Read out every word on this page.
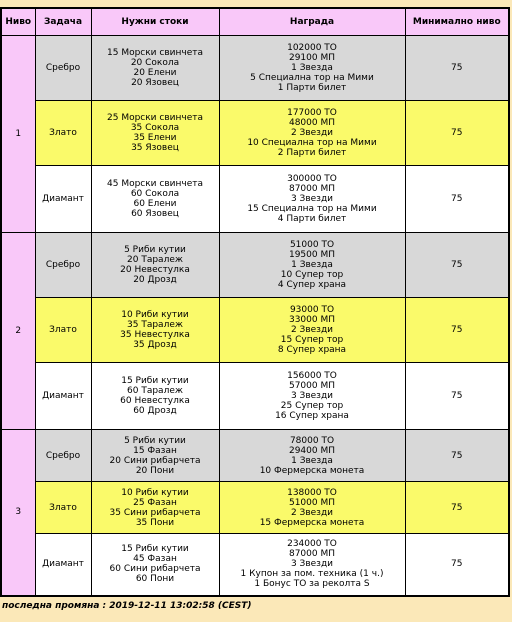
Ниво	Задача	Нужни стоки	Награда	Минимално ниво
1	Сребро	15 Морски свинчета
20 Сокола
20 Елени
20 Язовец	102000 ТО
29100 МП
1 Звезда
5 Специална тор на Мими
1 Парти билет	75
	Злато	25 Морски свинчета
35 Сокола
35 Елени
35 Язовец	177000 ТО
48000 МП
2 Звезди
10 Специална тор на Мими
2 Парти билет	75
	Диамант	45 Морски свинчета
60 Сокола
60 Елени
60 Язовец	300000 ТО
87000 МП
3 Звезди
15 Специална тор на Мими
4 Парти билет	75
2	Сребро	5 Риби кутии
20 Таралеж
20 Невестулка
20 Дрозд	51000 ТО
19500 МП
1 Звезда
10 Супер тор
4 Супер храна	75
	Злато	10 Риби кутии
35 Таралеж
35 Невестулка
35 Дрозд	93000 ТО
33000 МП
2 Звезди
15 Супер тор
8 Супер храна	75
	Диамант	15 Риби кутии
60 Таралеж
60 Невестулка
60 Дрозд	156000 ТО
57000 МП
3 Звезди
25 Супер тор
16 Супер храна	75
3	Сребро	5 Риби кутии
15 Фазан
20 Сини рибарчета
20 Пони	78000 ТО
29400 МП
1 Звезда
10 Фермерска монета	75
	Злато	10 Риби кутии
25 Фазан
35 Сини рибарчета
35 Пони	138000 ТО
51000 МП
2 Звезди
15 Фермерска монета	75
	Диамант	15 Риби кутии
45 Фазан
60 Сини рибарчета
60 Пони	234000 ТО
87000 МП
3 Звезди
1 Купон за пом. техника (1 ч.)
1 Бонус ТО за реколта S	75
последна промяна : 2019-12-11 13:02:58 (CEST)
